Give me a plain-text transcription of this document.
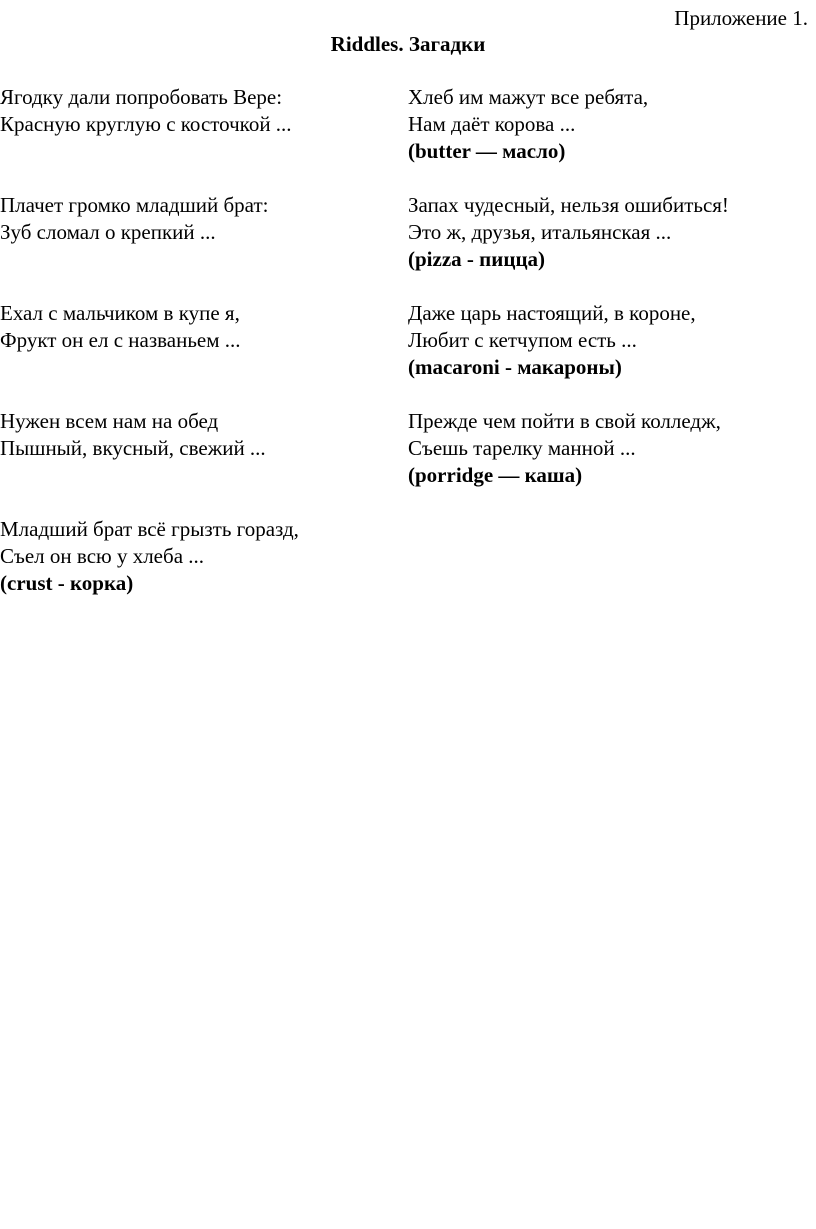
Приложение 1.

Riddles. Загадки
Ягодку дали попробовать Вере:
Красную круглую с косточкой ...
Плачет громко младший брат:
Зуб сломал о крепкий ...
Ехал с мальчиком в купе я,
Фрукт он ел с названьем ...
Нужен всем нам на обед
Пышный, вкусный, свежий ...
Младший брат всё грызть горазд,
Съел он всю у хлеба ...
(crust - корка)
Хлеб им мажут все ребята,
Нам даёт корова ...
(butter — масло)
Запах чудесный, нельзя ошибиться!
Это ж, друзья, итальянская ...
(pizza - пицца)
Даже царь настоящий, в короне,
Любит с кетчупом есть ...
(macaroni - макароны)
Прежде чем пойти в свой колледж,
Съешь тарелку манной ...
(porridge — каша)
